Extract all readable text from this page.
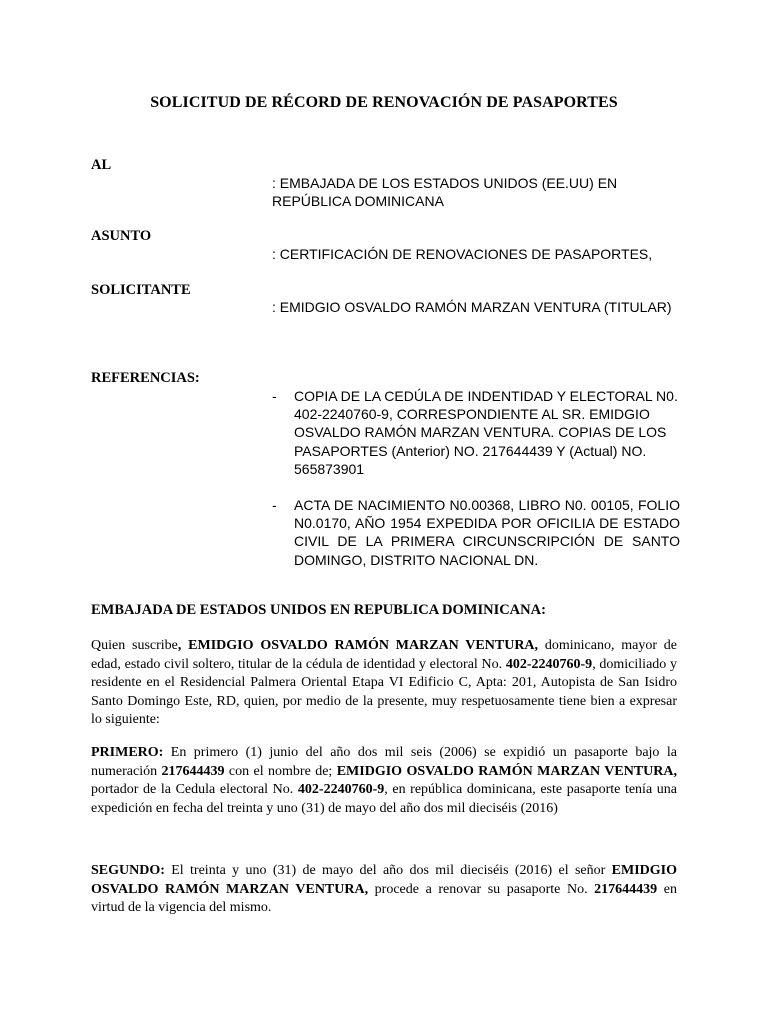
SOLICITUD DE RÉCORD DE RENOVACIÓN DE PASAPORTES
AL
: EMBAJADA DE LOS ESTADOS UNIDOS (EE.UU) EN REPÚBLICA DOMINICANA
ASUNTO
: CERTIFICACIÓN DE RENOVACIONES DE PASAPORTES,
SOLICITANTE
: EMIDGIO OSVALDO RAMÓN MARZAN VENTURA (TITULAR)
REFERENCIAS:
- COPIA DE LA CEDÚLA DE INDENTIDAD Y ELECTORAL N0. 402-2240760-9, CORRESPONDIENTE AL SR. EMIDGIO OSVALDO RAMÓN MARZAN VENTURA. COPIAS DE LOS PASAPORTES (Anterior) NO. 217644439 Y (Actual) NO. 565873901
- ACTA DE NACIMIENTO N0.00368, LIBRO N0. 00105, FOLIO N0.0170, AÑO 1954 EXPEDIDA POR OFICILIA DE ESTADO CIVIL DE LA PRIMERA CIRCUNSCRIPCIÓN DE SANTO DOMINGO, DISTRITO NACIONAL DN.
EMBAJADA DE ESTADOS UNIDOS EN REPUBLICA DOMINICANA:

Quien suscribe, EMIDGIO OSVALDO RAMÓN MARZAN VENTURA, dominicano, mayor de edad, estado civil soltero, titular de la cédula de identidad y electoral No. 402-2240760-9, domiciliado y residente en el Residencial Palmera Oriental Etapa VI Edificio C, Apta: 201, Autopista de San Isidro Santo Domingo Este, RD, quien, por medio de la presente, muy respetuosamente tiene bien a expresar lo siguiente:

PRIMERO: En primero (1) junio del año dos mil seis (2006) se expidió un pasaporte bajo la numeración 217644439 con el nombre de; EMIDGIO OSVALDO RAMÓN MARZAN VENTURA, portador de la Cedula electoral No. 402-2240760-9, en república dominicana, este pasaporte tenía una expedición en fecha del treinta y uno (31) de mayo del año dos mil dieciséis (2016)

SEGUNDO: El treinta y uno (31) de mayo del año dos mil dieciséis (2016) el señor EMIDGIO OSVALDO RAMÓN MARZAN VENTURA, procede a renovar su pasaporte No. 217644439 en virtud de la vigencia del mismo.
